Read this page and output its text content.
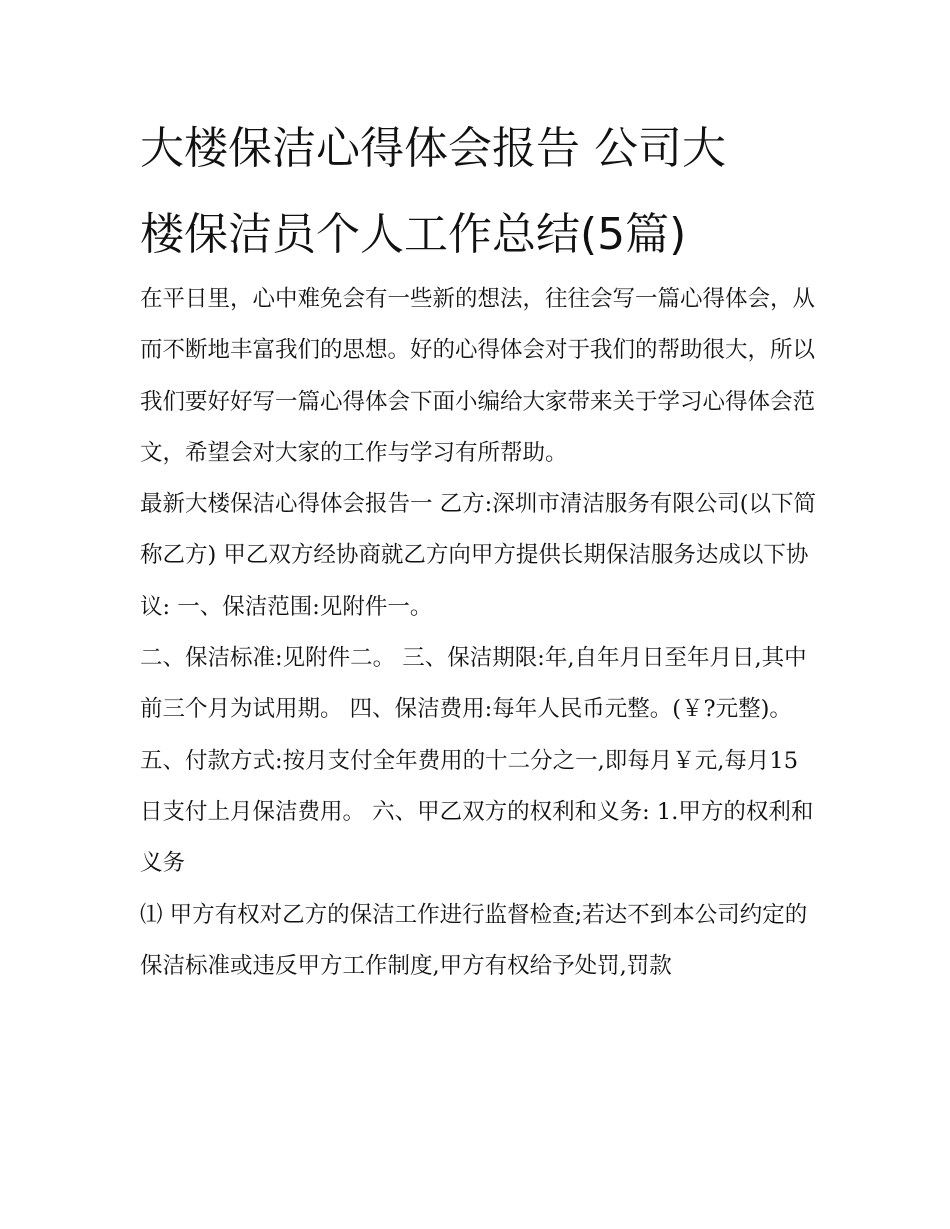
大楼保洁心得体会报告 公司大
楼保洁员个人工作总结(5篇)

在平日里，心中难免会有一些新的想法，往往会写一篇心得体会，从而不断地丰富我们的思想。好的心得体会对于我们的帮助很大，所以我们要好好写一篇心得体会下面小编给大家带来关于学习心得体会范文，希望会对大家的工作与学习有所帮助。

最新大楼保洁心得体会报告一 乙方:深圳市清洁服务有限公司(以下简称乙方) 甲乙双方经协商就乙方向甲方提供长期保洁服务达成以下协议: 一、保洁范围:见附件一。

二、保洁标准:见附件二。 三、保洁期限:年,自年月日至年月日,其中前三个月为试用期。 四、保洁费用:每年人民币元整。(￥?元整)。

五、付款方式:按月支付全年费用的十二分之一,即每月￥元,每月15日支付上月保洁费用。 六、甲乙双方的权利和义务: 1.甲方的权利和义务

⑴ 甲方有权对乙方的保洁工作进行监督检查;若达不到本公司约定的保洁标准或违反甲方工作制度,甲方有权给予处罚,罚款
